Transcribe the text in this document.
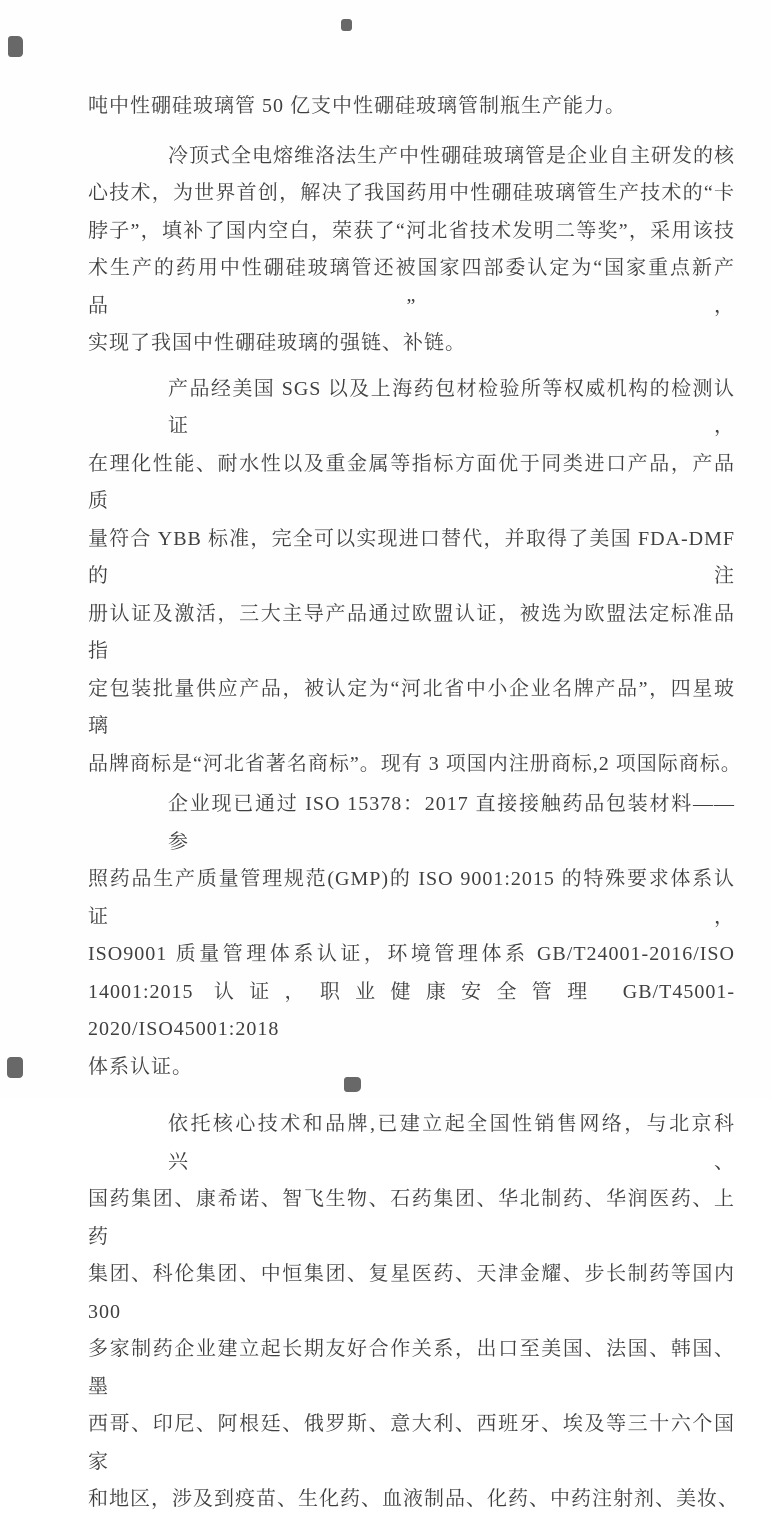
吨中性硼硅玻璃管 50 亿支中性硼硅玻璃管制瓶生产能力。
冷顶式全电熔维洛法生产中性硼硅玻璃管是企业自主研发的核
心技术，为世界首创，解决了我国药用中性硼硅玻璃管生产技术的“卡
脖子”，填补了国内空白，荣获了“河北省技术发明二等奖”，采用该技
术生产的药用中性硼硅玻璃管还被国家四部委认定为“国家重点新产品”，
实现了我国中性硼硅玻璃的强链、补链。
产品经美国 SGS 以及上海药包材检验所等权威机构的检测认证，
在理化性能、耐水性以及重金属等指标方面优于同类进口产品，产品质
量符合 YBB 标准，完全可以实现进口替代，并取得了美国 FDA-DMF 的注
册认证及激活，三大主导产品通过欧盟认证，被选为欧盟法定标准品指
定包装批量供应产品，被认定为“河北省中小企业名牌产品”，四星玻璃
品牌商标是“河北省著名商标”。现有 3 项国内注册商标,2 项国际商标。
企业现已通过 ISO 15378：2017 直接接触药品包装材料——参
照药品生产质量管理规范(GMP)的 ISO 9001:2015 的特殊要求体系认证，
ISO9001 质量管理体系认证，环境管理体系 GB/T24001-2016/ISO
14001:2015 认证，职业健康安全管理 GB/T45001-2020/ISO45001:2018
体系认证。
依托核心技术和品牌,已建立起全国性销售网络，与北京科兴、
国药集团、康希诺、智飞生物、石药集团、华北制药、华润医药、上药
集团、科伦集团、中恒集团、复星医药、天津金耀、步长制药等国内 300
多家制药企业建立起长期友好合作关系，出口至美国、法国、韩国、墨
西哥、印尼、阿根廷、俄罗斯、意大利、西班牙、埃及等三十六个国家
和地区，涉及到疫苗、生化药、血液制品、化药、中药注射剂、美妆、
